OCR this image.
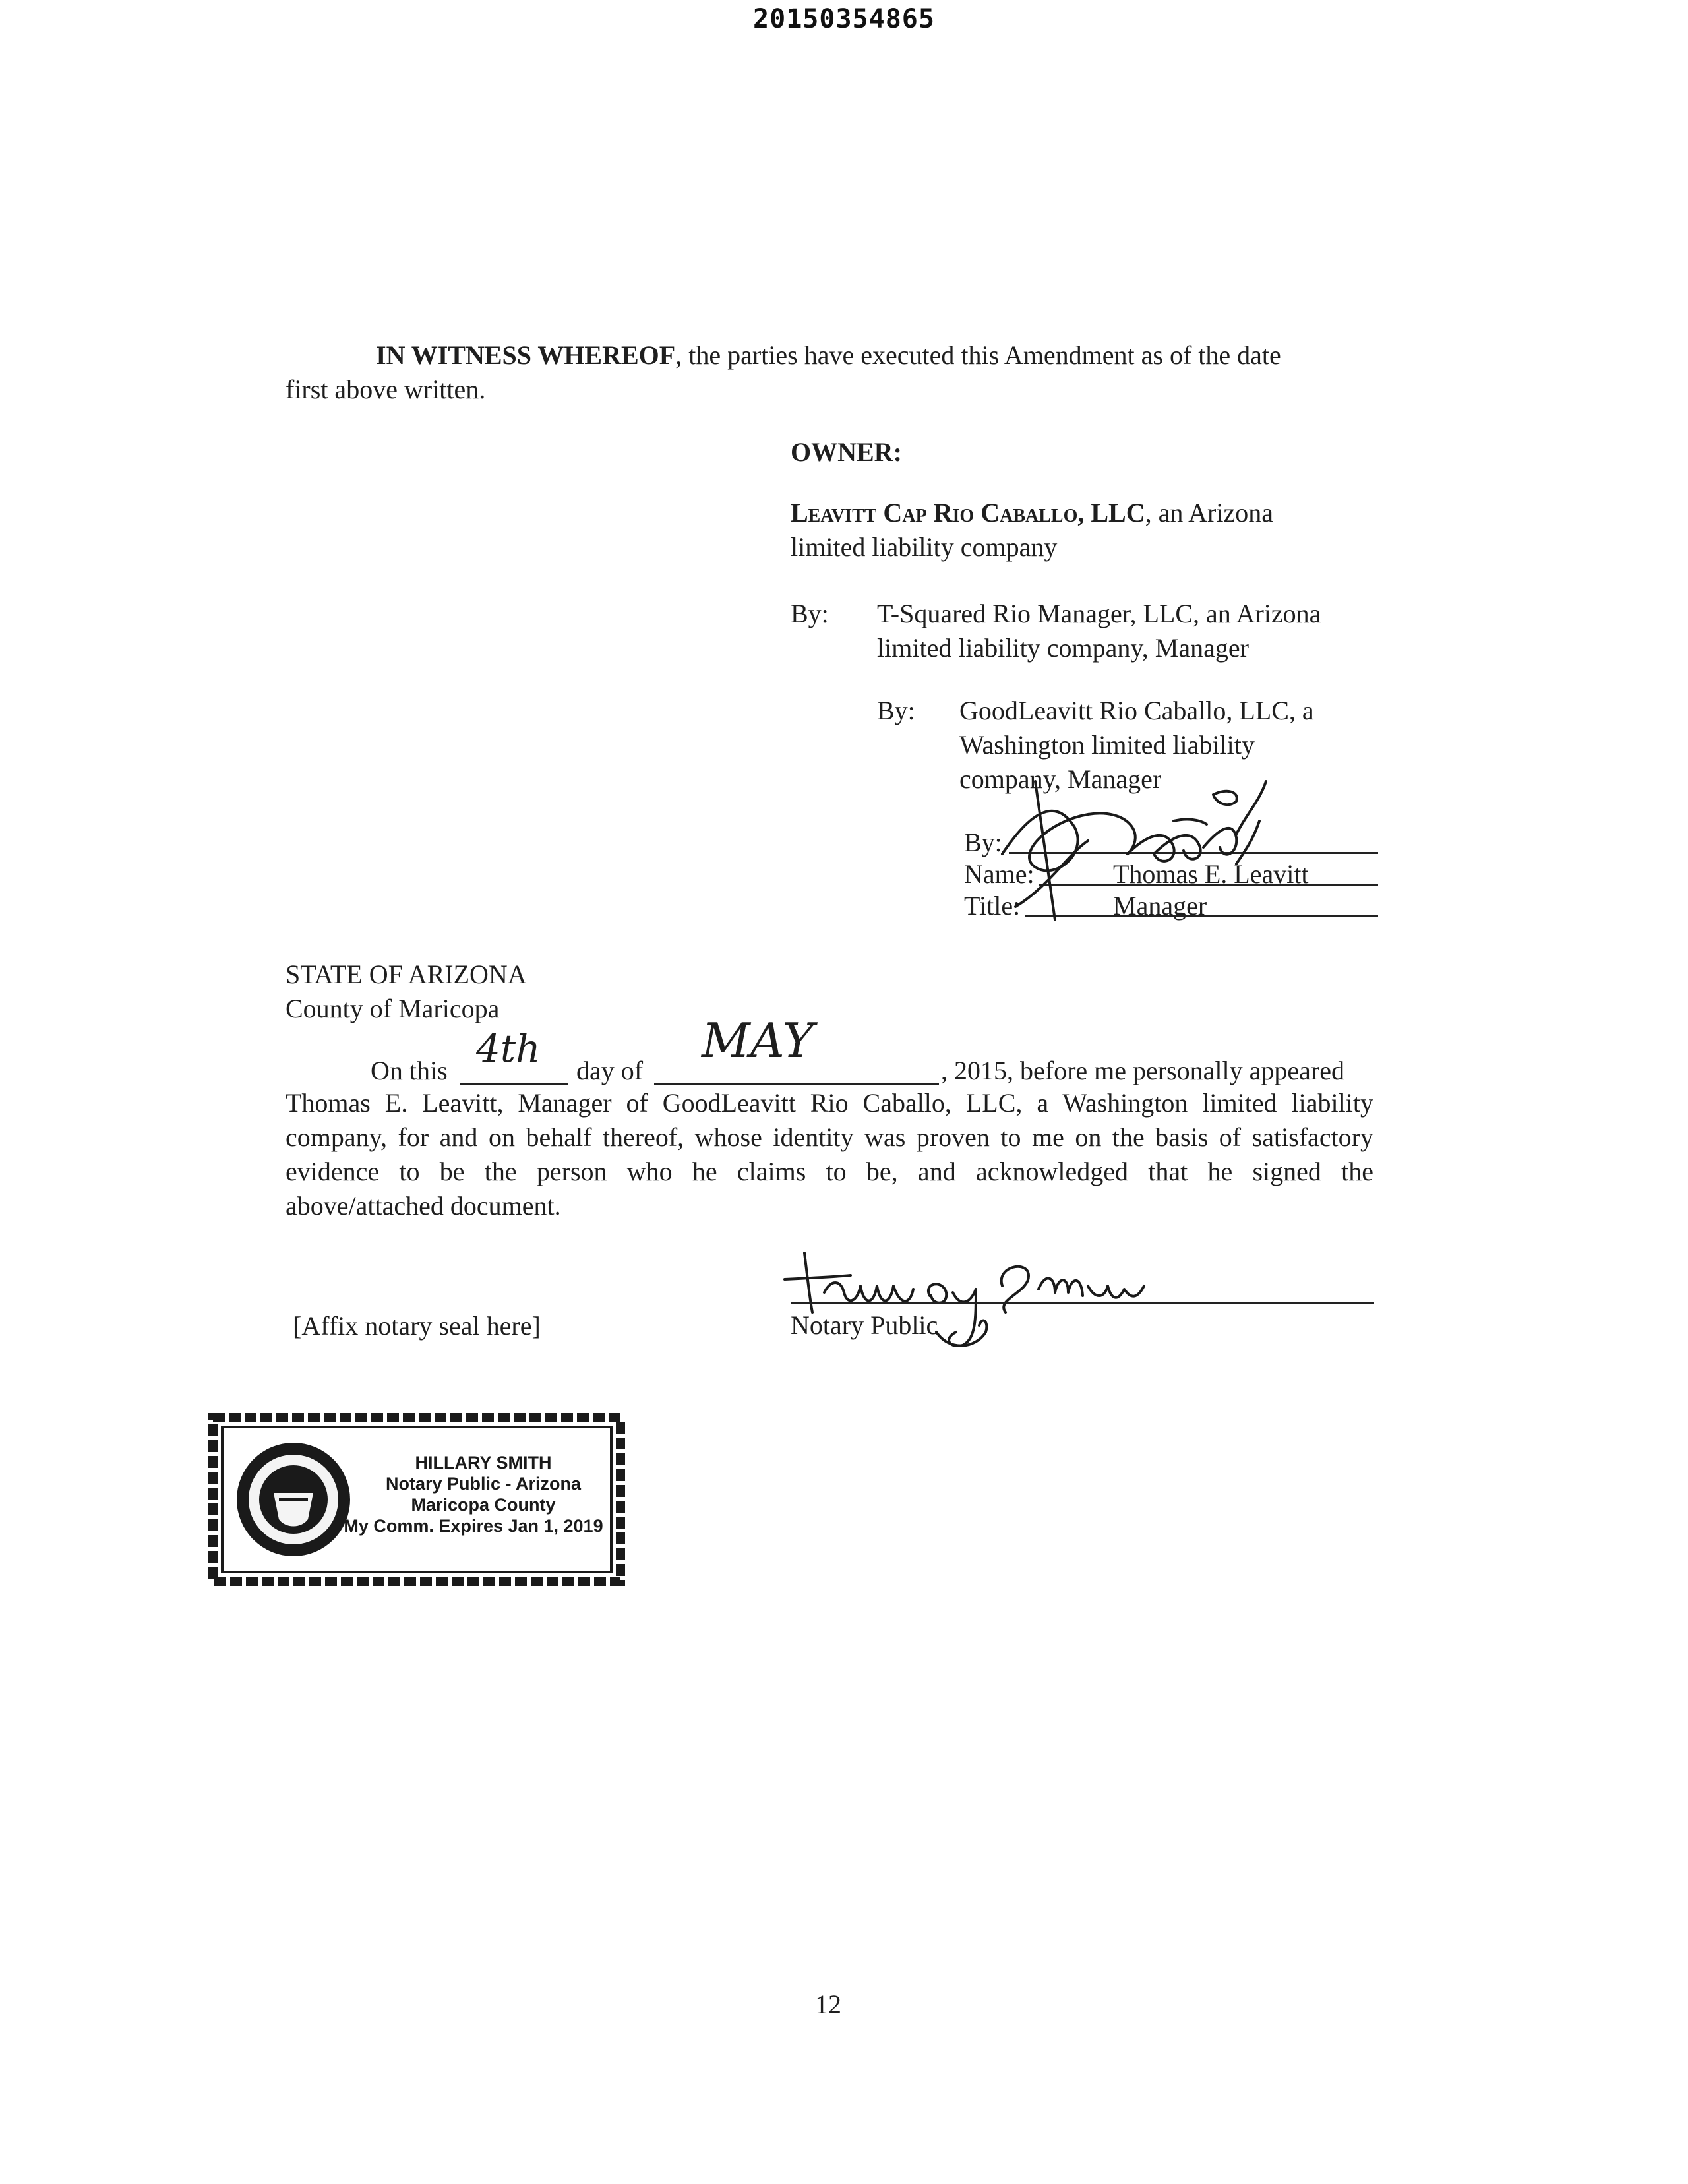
20150354865
IN WITNESS WHEREOF, the parties have executed this Amendment as of the date
first above written.
OWNER:
Leavitt Cap Rio Caballo, LLC, an Arizona
limited liability company
By: T-Squared Rio Manager, LLC, an Arizona
limited liability company, Manager
By: GoodLeavitt Rio Caballo, LLC, a
Washington limited liability
company, Manager
By:
Name:	Thomas E. Leavitt
Title:	Manager
STATE OF ARIZONA
County of Maricopa
On this 4th day of
MAY
, 2015, before me personally appeared
Thomas E. Leavitt, Manager of GoodLeavitt Rio Caballo, LLC, a Washington limited liability
company, for and on behalf thereof, whose identity was proven to me on the basis of satisfactory
evidence to be the person who he claims to be, and acknowledged that he signed the
above/attached document.
Notary Public
[Affix notary seal here]
HILLARY SMITH
Notary Public - Arizona
Maricopa County
My Comm. Expires Jan 1, 2019
12
